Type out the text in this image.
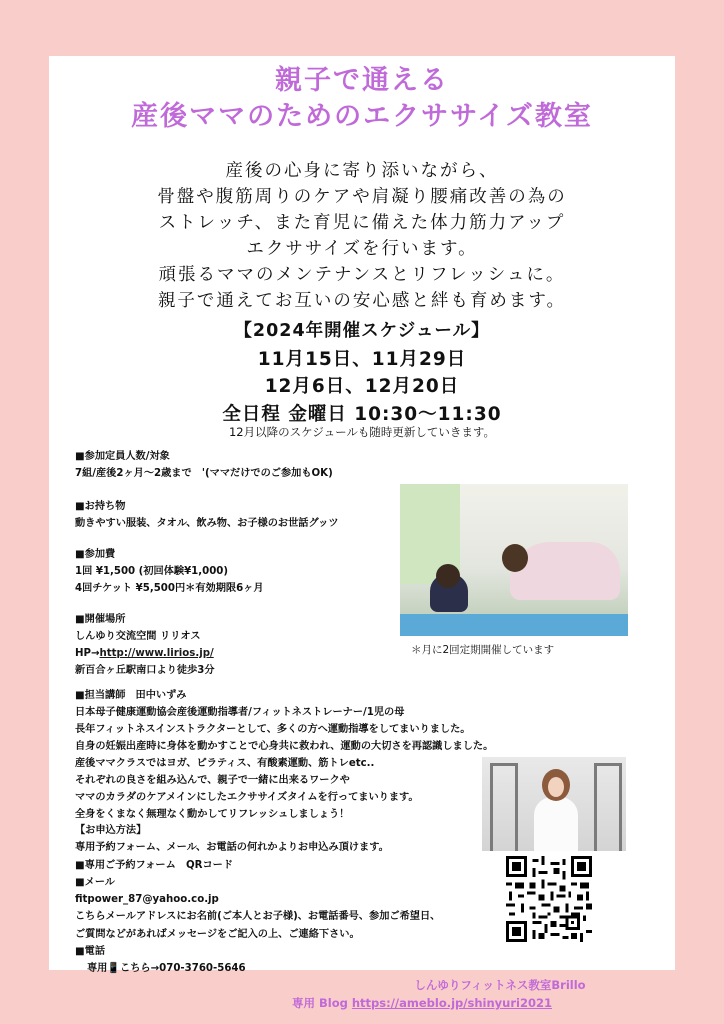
親子で通える
産後ママのためのエクササイズ教室
産後の心身に寄り添いながら、
骨盤や腹筋周りのケアや肩凝り腰痛改善の為の
ストレッチ、また育児に備えた体力筋力アップ
エクササイズを行います。
頑張るママのメンテナンスとリフレッシュに。
親子で通えてお互いの安心感と絆も育めます。
【2024年開催スケジュール】
11月15日、11月29日
12月6日、12月20日
全日程 金曜日 10:30〜11:30
12月以降のスケジュールも随時更新していきます。
■参加定員人数/対象
7組/産後2ヶ月〜2歳まで　'(ママだけでのご参加もOK)
■お持ち物
動きやすい服装、タオル、飲み物、お子様のお世話グッツ
■参加費
1回 ¥1,500 (初回体験¥1,000)
4回チケット ¥5,500円＊有効期限6ヶ月
■開催場所
しんゆり交流空間 リリオス
HP→http://www.lirios.jp/
新百合ヶ丘駅南口より徒歩3分
＊月に2回定期開催しています
■担当講師　田中いずみ
日本母子健康運動協会産後運動指導者/フィットネストレーナー/1児の母
長年フィットネスインストラクターとして、多くの方へ運動指導をしてまいりました。
自身の妊娠出産時に身体を動かすことで心身共に救われ、運動の大切さを再認識しました。
産後ママクラスではヨガ、ピラティス、有酸素運動、筋トレetc..
それぞれの良さを組み込んで、親子で一緒に出来るワークや
ママのカラダのケアメインにしたエクササイズタイムを行ってまいります。
全身をくまなく無理なく動かしてリフレッシュしましょう！
【お申込方法】
専用予約フォーム、メール、お電話の何れかよりお申込み頂けます。
■専用ご予約フォーム　QRコード
■メール
fitpower_87@yahoo.co.jp
こちらメールアドレスにお名前(ご本人とお子様)、お電話番号、参加ご希望日、
ご質問などがあればメッセージをご記入の上、ご連絡下さい。
■電話
専用📱こちら→070-3760-5646
しんゆりフィットネス教室Brillo
専用 Blog https://ameblo.jp/shinyuri2021
